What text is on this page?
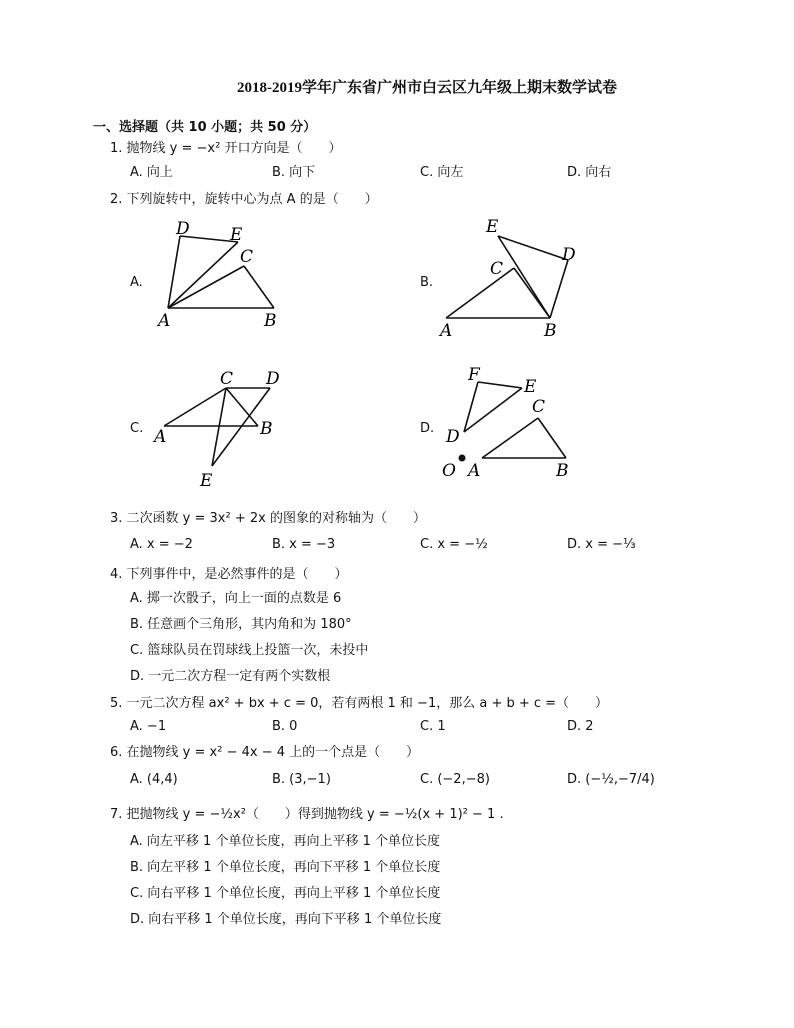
2018-2019学年广东省广州市白云区九年级上期末数学试卷
一、选择题（共 10 小题；共 50 分）
1. 抛物线 y = −x² 开口方向是（　　）
A. 向上	B. 向下	C. 向左	D. 向右
2. 下列旋转中，旋转中心为点 A 的是（　　）
A.	B.
C.	D.
A	B
C
D E
A	B
C
D
E
A	B
C D
E	O A	B
C
D
E
F
3. 二次函数 y = 3x² + 2x 的图象的对称轴为（　　）
A. x = −2	B. x = −3	C. x = −½	D. x = −⅓
4. 下列事件中，是必然事件的是（　　）
A. 掷一次骰子，向上一面的点数是 6
B. 任意画个三角形，其内角和为 180°
C. 篮球队员在罚球线上投篮一次，未投中
D. 一元二次方程一定有两个实数根
5. 一元二次方程 ax² + bx + c = 0，若有两根 1 和 −1，那么 a + b + c =（　　）
A. −1	B. 0	C. 1	D. 2
6. 在抛物线 y = x² − 4x − 4 上的一个点是（　　）
A. (4,4)	B. (3,−1)	C. (−2,−8)	D. (−½,−7/4)
7. 把抛物线 y = −½x²（　　）得到抛物线 y = −½(x + 1)² − 1 .
A. 向左平移 1 个单位长度，再向上平移 1 个单位长度
B. 向左平移 1 个单位长度，再向下平移 1 个单位长度
C. 向右平移 1 个单位长度，再向上平移 1 个单位长度
D. 向右平移 1 个单位长度，再向下平移 1 个单位长度
